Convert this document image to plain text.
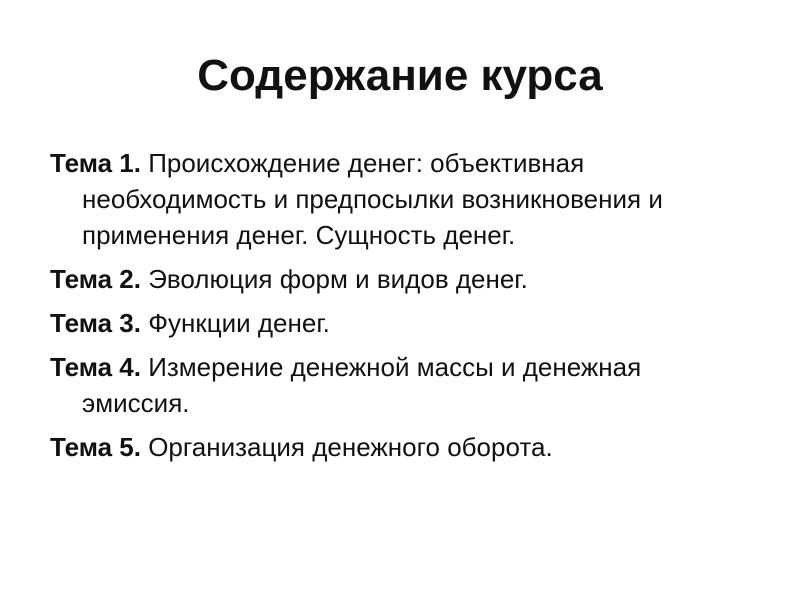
Содержание курса
Тема 1. Происхождение денег: объективная необходимость и предпосылки возникновения и применения денег. Сущность денег.
Тема 2. Эволюция форм и видов денег.
Тема 3. Функции денег.
Тема 4. Измерение денежной массы и денежная эмиссия.
Тема 5. Организация денежного оборота.
